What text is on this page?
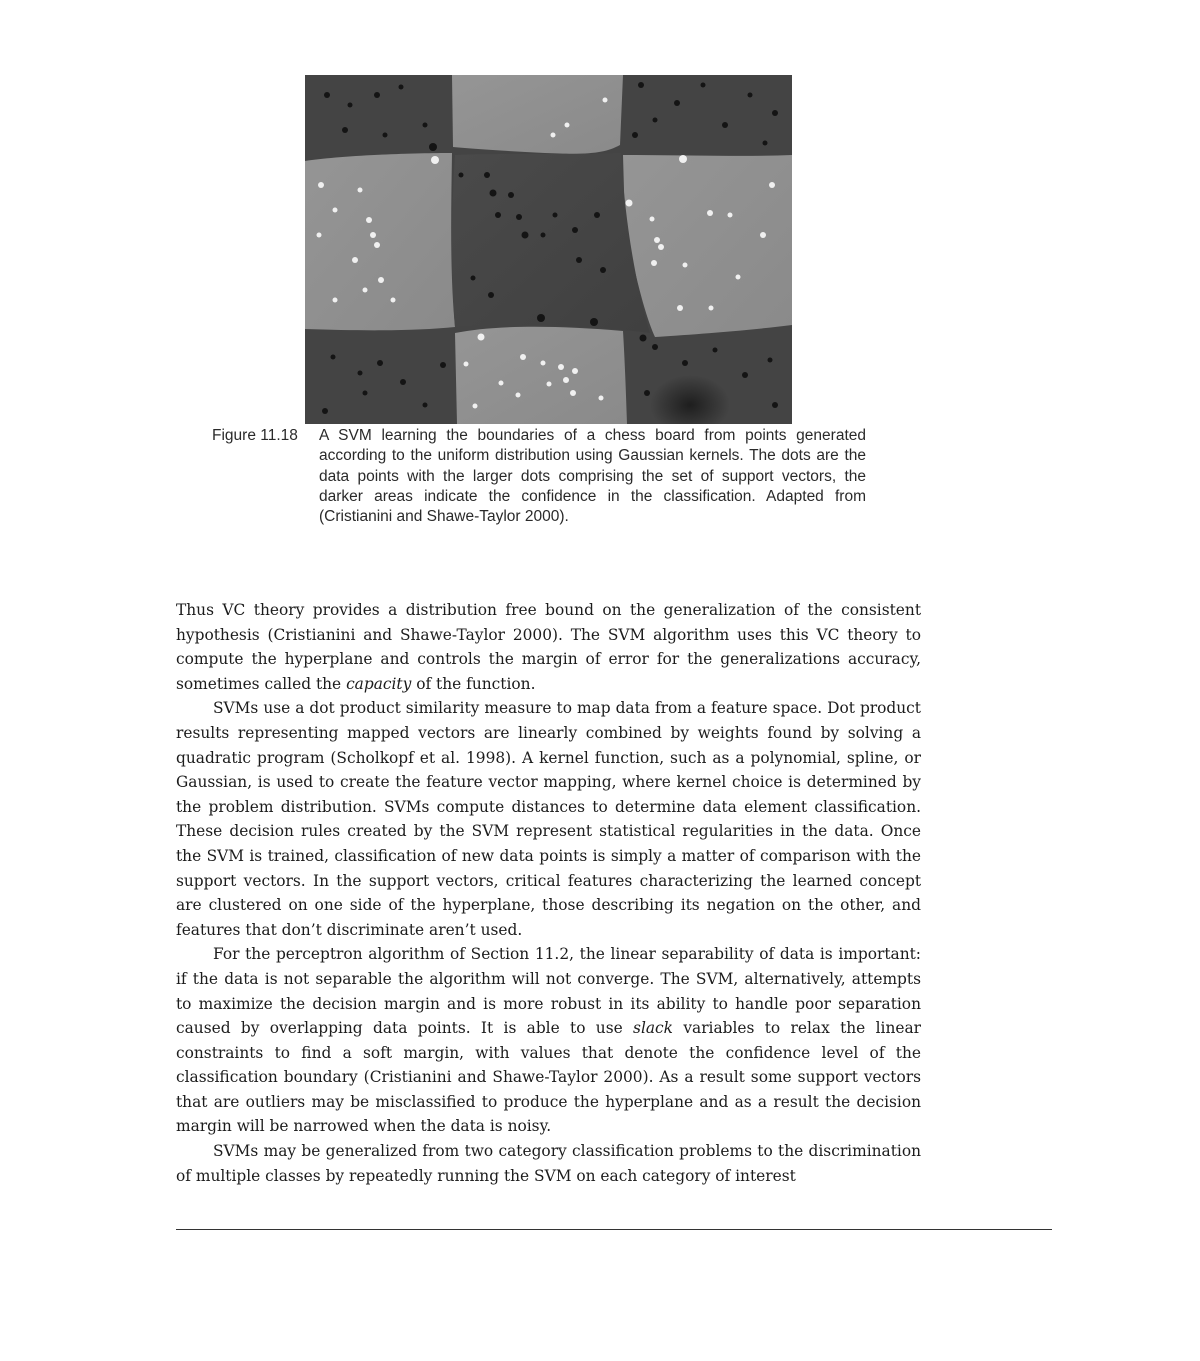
Figure 11.18 A SVM learning the boundaries of a chess board from points generated according to the uniform distribution using Gaussian kernels. The dots are the data points with the larger dots comprising the set of support vectors, the darker areas indicate the confidence in the classification. Adapted from (Cristianini and Shawe-Taylor 2000).

Thus VC theory provides a distribution free bound on the generalization of the consistent hypothesis (Cristianini and Shawe-Taylor 2000). The SVM algorithm uses this VC theory to compute the hyperplane and controls the margin of error for the generalizations accuracy, sometimes called the capacity of the function.

SVMs use a dot product similarity measure to map data from a feature space. Dot product results representing mapped vectors are linearly combined by weights found by solving a quadratic program (Scholkopf et al. 1998). A kernel function, such as a polynomial, spline, or Gaussian, is used to create the feature vector mapping, where kernel choice is determined by the problem distribution. SVMs compute distances to determine data element classification. These decision rules created by the SVM represent statistical regularities in the data. Once the SVM is trained, classification of new data points is simply a matter of comparison with the support vectors. In the support vectors, critical features characterizing the learned concept are clustered on one side of the hyperplane, those describing its negation on the other, and features that don’t discriminate aren’t used.

For the perceptron algorithm of Section 11.2, the linear separability of data is important: if the data is not separable the algorithm will not converge. The SVM, alternatively, attempts to maximize the decision margin and is more robust in its ability to handle poor separation caused by overlapping data points. It is able to use slack variables to relax the linear constraints to find a soft margin, with values that denote the confidence level of the classification boundary (Cristianini and Shawe-Taylor 2000). As a result some support vectors that are outliers may be misclassified to produce the hyperplane and as a result the decision margin will be narrowed when the data is noisy.

SVMs may be generalized from two category classification problems to the discrimination of multiple classes by repeatedly running the SVM on each category of interest
